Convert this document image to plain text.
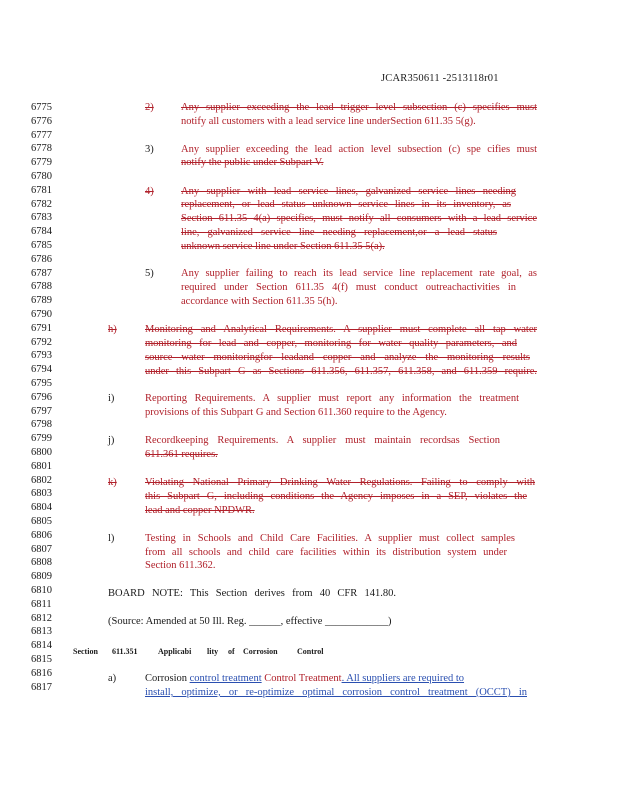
JCAR350611 -2513118r01
6775
6776
6777
6778
6779
6780
6781
6782
6783
6784
6785
6786
6787
6788
6789
6790
6791
6792
6793
6794
6795
6796
6797
6798
6799
6800
6801
6802
6803
6804
6805
6806
6807
6808
6809
6810
6811
6812
6813
6814
6815
6816
6817
2)	Any supplier exceeding the lead trigger level subsection (c) specifies must
notify all customers with a lead service line underSection 611.35 5(g).
3)	Any supplier exceeding the lead action level subsection (c) spe cifies must
notify the public under Subpart V.
4)	Any supplier with lead service lines, galvanized service lines needing
replacement, or lead status unknown service lines in its inventory, as
Section 611.35 4(a) specifies, must notify all consumers with a lead service
line, galvanized service line needing replacement,or a lead status
unknown service line under Section 611.35 5(a).
5)	Any supplier failing to reach its lead service line replacement rate goal, as
required under Section 611.35 4(f) must conduct outreachactivities in
accordance with Section 611.35 5(h).
h)	Monitoring and Analytical Requirements. A supplier must complete all tap water
monitoring for lead and copper, monitoring for water quality parameters, and
source water monitoringfor leadand copper and analyze the monitoring results
under this Subpart G as Sections 611.356, 611.357, 611.358, and 611.359 require.
i)	Reporting Requirements. A supplier must report any information the treatment
provisions of this Subpart G and Section 611.360 require to the Agency.
j)	Recordkeeping Requirements. A supplier must maintain recordsas Section
611.361 requires.
k)	Violating National Primary Drinking Water Regulations. Failing to comply with
this Subpart G, including conditions the Agency imposes in a SEP, violates the
lead and copper NPDWR.
l)	Testing in Schools and Child Care Facilities. A supplier must collect samples
from all schools and child care facilities within its distribution system under
Section 611.362.
BOARD NOTE: This Section derives from 40 CFR 141.80.
(Source: Amended at 50 Ill. Reg. ______, effective ____________)
Section 611.351	Applicabi lity of Corrosion Control
a)	Corrosion control treatment Control Treatment. All suppliers are required to
install, optimize, or re-optimize optimal corrosion control treatment (OCCT) in
